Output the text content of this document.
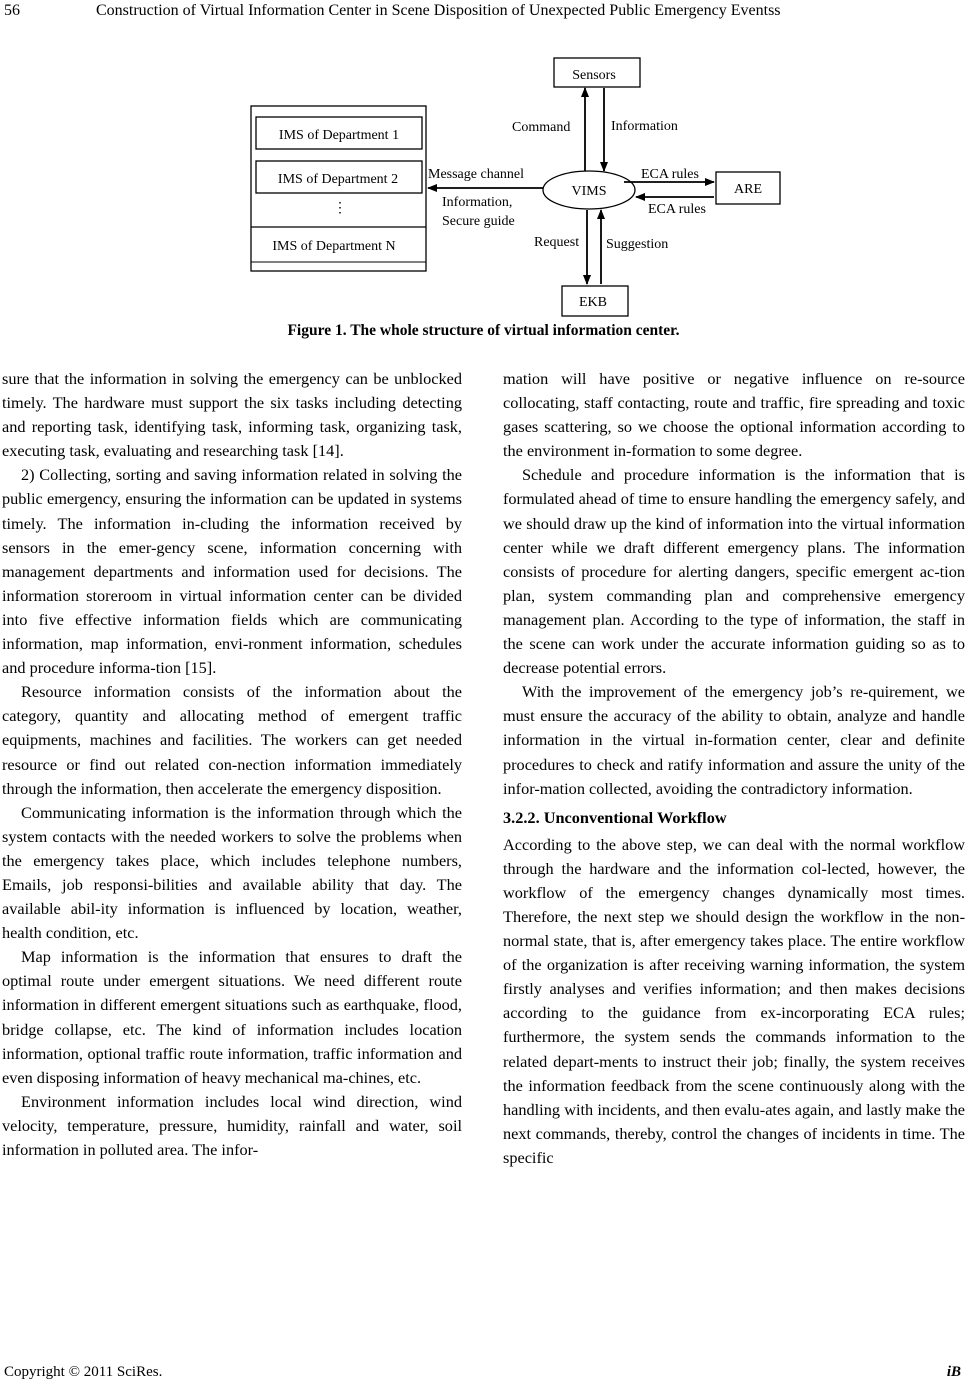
56	Construction of Virtual Information Center in Scene Disposition of Unexpected Public Emergency Eventss
IMS of Department 1
IMS of Department 2
⋮
IMS of Department N
Sensors
VIMS	ARE
EKB
Command	Information
Message channel
Information,
Secure guide
ECA rules
ECA rules
Request Suggestion
Figure 1. The whole structure of virtual information center.

sure that the information in solving the emergency can be unblocked timely. The hardware must support the six tasks including detecting and reporting task, identifying task, informing task, organizing task, executing task, evaluating and researching task [14].

2) Collecting, sorting and saving information related in solving the public emergency, ensuring the information can be updated in systems timely. The information in-cluding the information received by sensors in the emer-gency scene, information concerning with management departments and information used for decisions. The information storeroom in virtual information center can be divided into five effective information fields which are communicating information, map information, envi-ronment information, schedules and procedure informa-tion [15].

Resource information consists of the information about the category, quantity and allocating method of emergent traffic equipments, machines and facilities. The workers can get needed resource or find out related con-nection information immediately through the information, then accelerate the emergency disposition.

Communicating information is the information through which the system contacts with the needed workers to solve the problems when the emergency takes place, which includes telephone numbers, Emails, job responsi-bilities and available ability that day. The available abil-ity information is influenced by location, weather, health condition, etc.

Map information is the information that ensures to draft the optimal route under emergent situations. We need different route information in different emergent situations such as earthquake, flood, bridge collapse, etc. The kind of information includes location information, optional traffic route information, traffic information and even disposing information of heavy mechanical ma-chines, etc.

Environment information includes local wind direction, wind velocity, temperature, pressure, humidity, rainfall and water, soil information in polluted area. The infor-

mation will have positive or negative influence on re-source collocating, staff contacting, route and traffic, fire spreading and toxic gases scattering, so we choose the optional information according to the environment in-formation to some degree.

Schedule and procedure information is the information that is formulated ahead of time to ensure handling the emergency safely, and we should draw up the kind of information into the virtual information center while we draft different emergency plans. The information consists of procedure for alerting dangers, specific emergent ac-tion plan, system commanding plan and comprehensive emergency management plan. According to the type of information, the staff in the scene can work under the accurate information guiding so as to decrease potential errors.

With the improvement of the emergency job’s re-quirement, we must ensure the accuracy of the ability to obtain, analyze and handle information in the virtual in-formation center, clear and definite procedures to check and ratify information and assure the unity of the infor-mation collected, avoiding the contradictory information.

3.2.2. Unconventional Workflow

According to the above step, we can deal with the normal workflow through the hardware and the information col-lected, however, the workflow of the emergency changes dynamically most times. Therefore, the next step we should design the workflow in the non-normal state, that is, after emergency takes place. The entire workflow of the organization is after receiving warning information, the system firstly analyses and verifies information; and then makes decisions according to the guidance from ex-incorporating ECA rules; furthermore, the system sends the commands information to the related depart-ments to instruct their job; finally, the system receives the information feedback from the scene continuously along with the handling with incidents, and then evalu-ates again, and lastly make the next commands, thereby, control the changes of incidents in time. The specific

Copyright © 2011 SciRes.	iB
